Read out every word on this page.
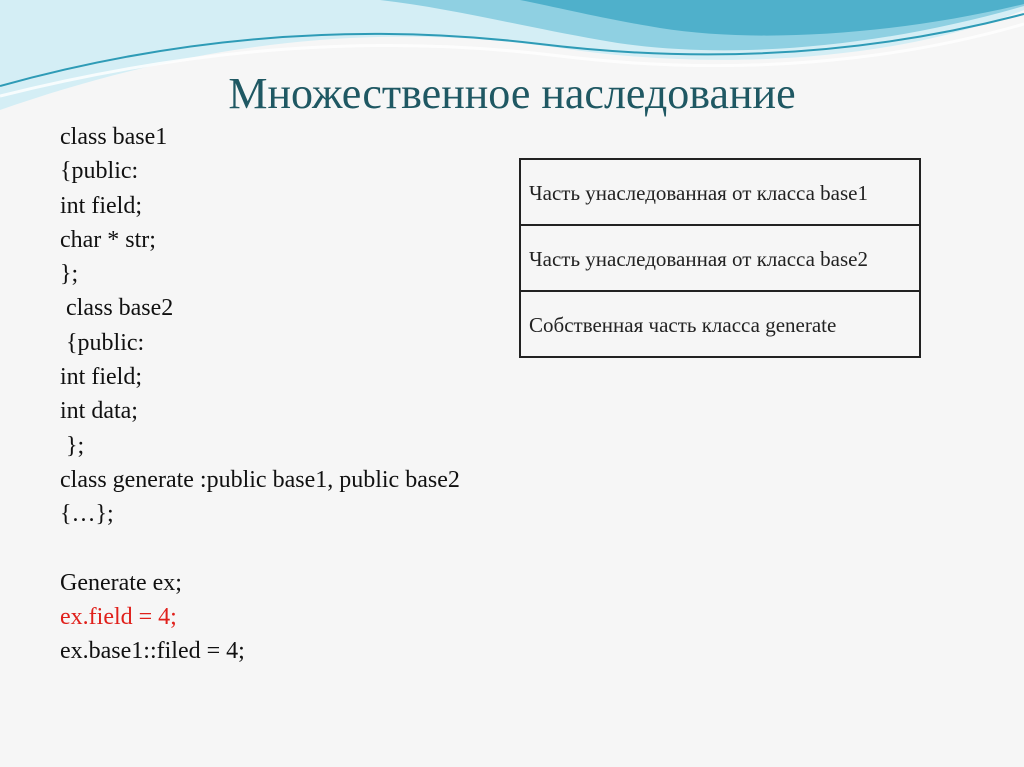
Множественное наследование
class base1
{public:
int field;
char * str;
};
class base2
{public:
int field;
int data;
};
class generate :public base1, public base2
{…};
Generate ex;
ex.field = 4;
ex.base1::filed = 4;
Часть унаследованная от класса base1
Часть унаследованная от класса base2
Собственная часть класса generate
